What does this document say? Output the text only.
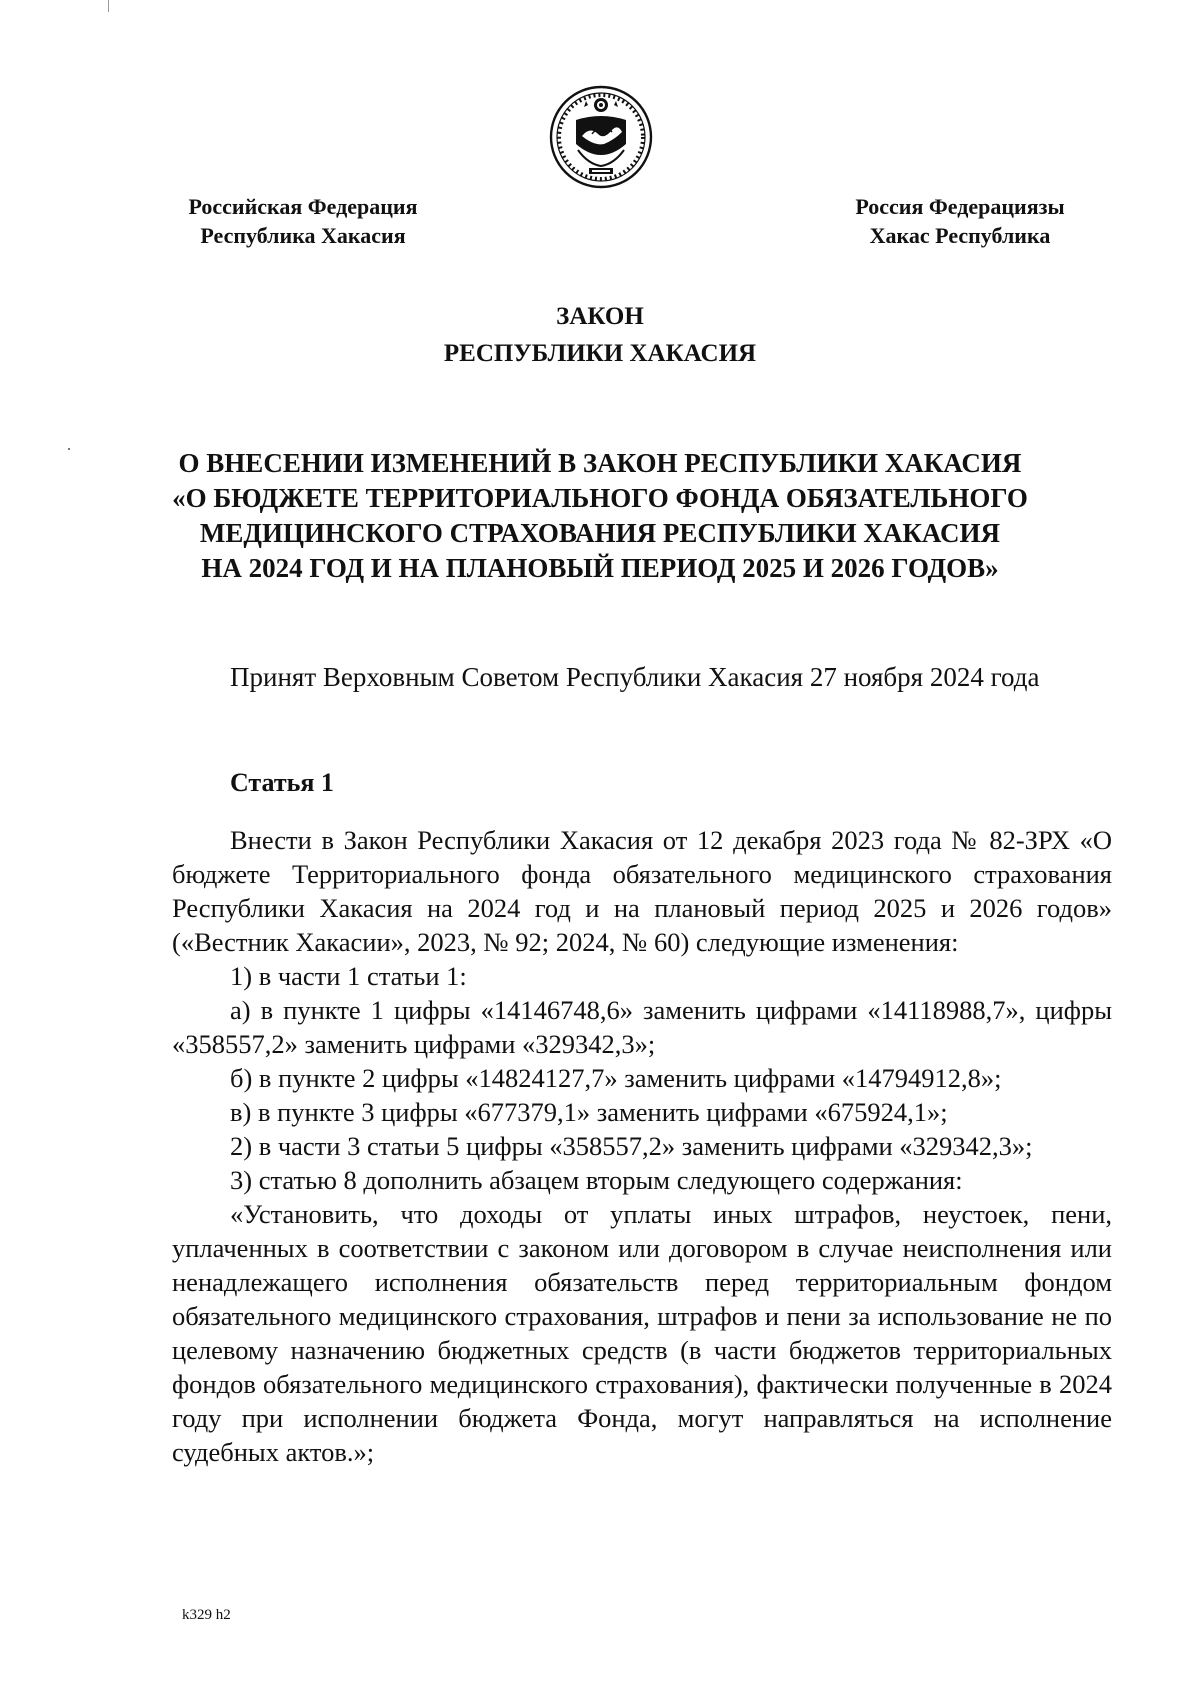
Российская Федерация
Республика Хакасия
Россия Федерациязы
Хакас Республика
ЗАКОН
РЕСПУБЛИКИ ХАКАСИЯ
О ВНЕСЕНИИ ИЗМЕНЕНИЙ В ЗАКОН РЕСПУБЛИКИ ХАКАСИЯ
«О БЮДЖЕТЕ ТЕРРИТОРИАЛЬНОГО ФОНДА ОБЯЗАТЕЛЬНОГО
МЕДИЦИНСКОГО СТРАХОВАНИЯ РЕСПУБЛИКИ ХАКАСИЯ
НА 2024 ГОД И НА ПЛАНОВЫЙ ПЕРИОД 2025 И 2026 ГОДОВ»
Принят Верховным Советом Республики Хакасия 27 ноября 2024 года
Статья 1

Внести в Закон Республики Хакасия от 12 декабря 2023 года № 82-ЗРХ «О бюджете Территориального фонда обязательного медицинского страхования Республики Хакасия на 2024 год и на плановый период 2025 и 2026 годов» («Вестник Хакасии», 2023, № 92; 2024, № 60) следующие изменения:

1) в части 1 статьи 1:

а) в пункте 1 цифры «14146748,6» заменить цифрами «14118988,7», цифры «358557,2» заменить цифрами «329342,3»;

б) в пункте 2 цифры «14824127,7» заменить цифрами «14794912,8»;

в) в пункте 3 цифры «677379,1» заменить цифрами «675924,1»;

2) в части 3 статьи 5 цифры «358557,2» заменить цифрами «329342,3»;

3) статью 8 дополнить абзацем вторым следующего содержания:

«Установить, что доходы от уплаты иных штрафов, неустоек, пени, уплаченных в соответствии с законом или договором в случае неисполнения или ненадлежащего исполнения обязательств перед территориальным фондом обязательного медицинского страхования, штрафов и пени за использование не по целевому назначению бюджетных средств (в части бюджетов территориальных фондов обязательного медицинского страхования), фактически полученные в 2024 году при исполнении бюджета Фонда, могут направляться на исполнение судебных актов.»;

k329 h2
